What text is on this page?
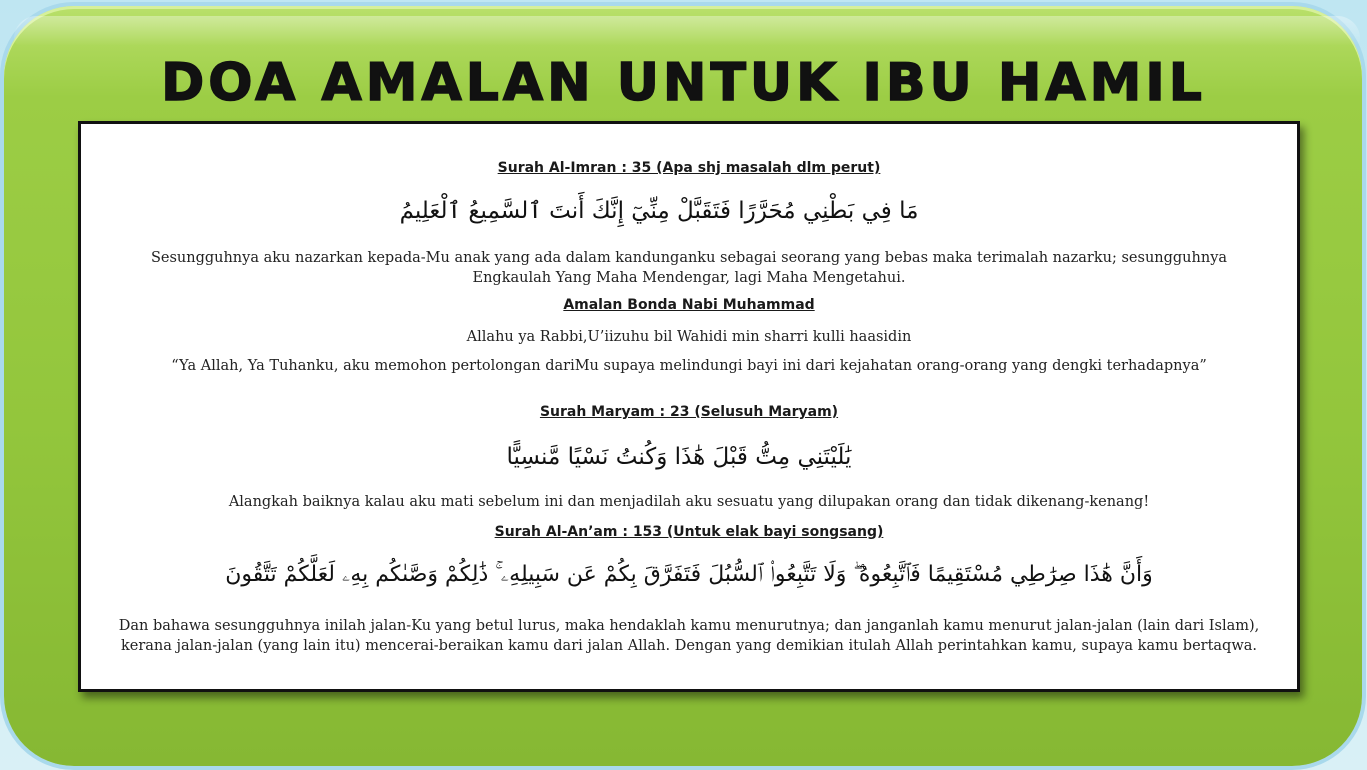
DOA AMALAN UNTUK IBU HAMIL
Surah Al-Imran : 35 (Apa shj masalah dlm perut)
مَا فِي بَطْنِي مُحَرَّرًا فَتَقَبَّلْ مِنِّيٓ إِنَّكَ أَنتَ ٱلسَّمِيعُ ٱلْعَلِيمُ
Sesungguhnya aku nazarkan kepada-Mu anak yang ada dalam kandunganku sebagai seorang yang bebas maka terimalah nazarku; sesungguhnya Engkaulah Yang Maha Mendengar, lagi Maha Mengetahui.
Amalan Bonda Nabi Muhammad
Allahu ya Rabbi,U’iizuhu bil Wahidi min sharri kulli haasidin
“Ya Allah, Ya Tuhanku, aku memohon pertolongan dariMu supaya melindungi bayi ini dari kejahatan orang-orang yang dengki terhadapnya”
Surah Maryam : 23 (Selusuh Maryam)
يَٰلَيْتَنِي مِتُّ قَبْلَ هَٰذَا وَكُنتُ نَسْيًا مَّنسِيًّا
Alangkah baiknya kalau aku mati sebelum ini dan menjadilah aku sesuatu yang dilupakan orang dan tidak dikenang-kenang!
Surah Al-An’am : 153 (Untuk elak bayi songsang)
وَأَنَّ هَٰذَا صِرَٰطِي مُسْتَقِيمًا فَٱتَّبِعُوهُ ۖ وَلَا تَتَّبِعُوا۟ ٱلسُّبُلَ فَتَفَرَّقَ بِكُمْ عَن سَبِيلِهِۦ ۚ ذَٰلِكُمْ وَصَّىٰكُم بِهِۦ لَعَلَّكُمْ تَتَّقُونَ
Dan bahawa sesungguhnya inilah jalan-Ku yang betul lurus, maka hendaklah kamu menurutnya; dan janganlah kamu menurut jalan-jalan (lain dari Islam), kerana jalan-jalan (yang lain itu) mencerai-beraikan kamu dari jalan Allah. Dengan yang demikian itulah Allah perintahkan kamu, supaya kamu bertaqwa.
